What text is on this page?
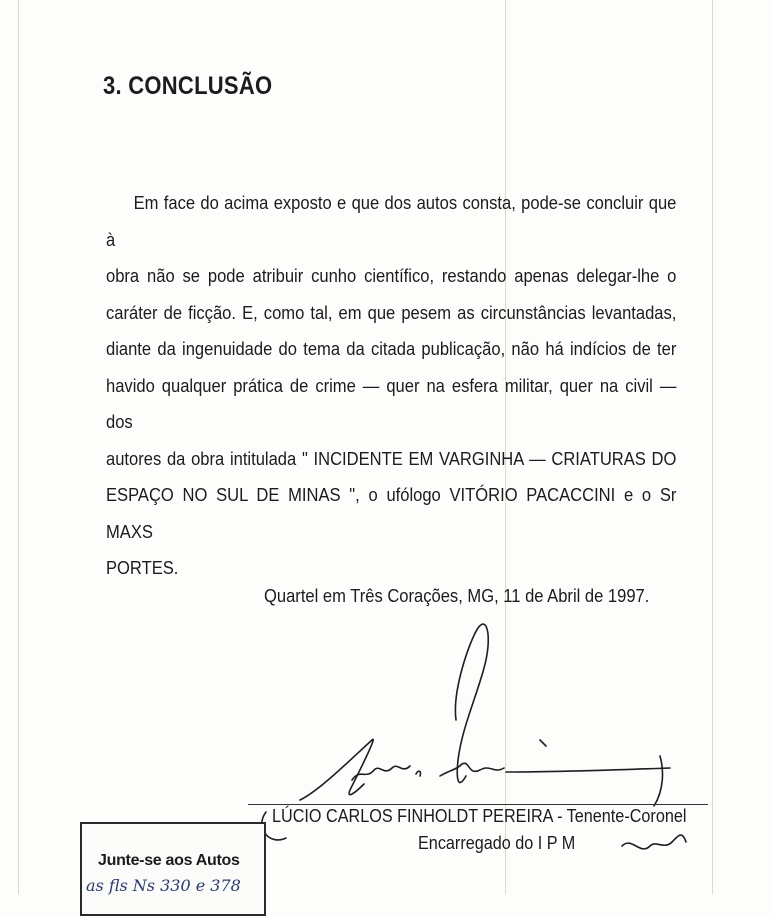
3. CONCLUSÃO

Em face do acima exposto e que dos autos consta, pode-se concluir que à

obra não se pode atribuir cunho científico, restando apenas delegar-lhe o

caráter de ficção. E, como tal, em que pesem as circunstâncias levantadas,

diante da ingenuidade do tema da citada publicação, não há indícios de ter

havido qualquer prática de crime — quer na esfera militar, quer na civil — dos

autores da obra intitulada " INCIDENTE EM VARGINHA — CRIATURAS DO

ESPAÇO NO SUL DE MINAS ", o ufólogo VITÓRIO PACACCINI e o Sr MAXS

PORTES.

Quartel em Três Corações, MG, 11 de Abril de 1997.
LÚCIO CARLOS FINHOLDT PEREIRA - Tenente-Coronel
Encarregado do I P M
Junte-se aos Autos
as fls Ns 330 e 378
